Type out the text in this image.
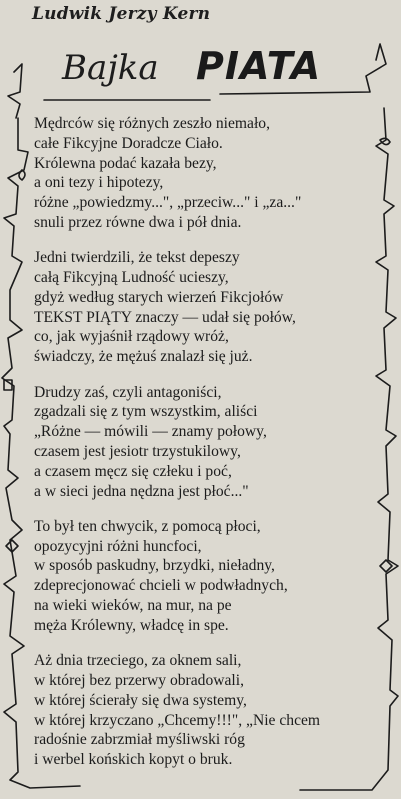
Ludwik Jerzy Kern
Bajka PIATA
Mędrców się różnych zeszło niemało,
całe Fikcyjne Doradcze Ciało.
Królewna podać kazała bezy,
a oni tezy i hipotezy,
różne „powiedzmy...", „przeciw..." i „za..."
snuli przez równe dwa i pół dnia.
Jedni twierdzili, że tekst depeszy
całą Fikcyjną Ludność ucieszy,
gdyż według starych wierzeń Fikcjołów
TEKST PIĄTY znaczy — udał się połów,
co, jak wyjaśnił rządowy wróż,
świadczy, że mężuś znalazł się już.
Drudzy zaś, czyli antagoniści,
zgadzali się z tym wszystkim, aliści
„Różne — mówili — znamy połowy,
czasem jest jesiotr trzystukilowy,
a czasem męcz się człeku i poć,
a w sieci jedna nędzna jest płoć..."
To był ten chwycik, z pomocą płoci,
opozycyjni różni huncfoci,
w sposób paskudny, brzydki, nieładny,
zdeprecjonować chcieli w podwładnych,
na wieki wieków, na mur, na pe
męża Królewny, władcę in spe.
Aż dnia trzeciego, za oknem sali,
w której bez przerwy obradowali,
w której ścierały się dwa systemy,
w której krzyczano „Chcemy!!!", „Nie chcem
radośnie zabrzmiał myśliwski róg
i werbel końskich kopyt o bruk.
